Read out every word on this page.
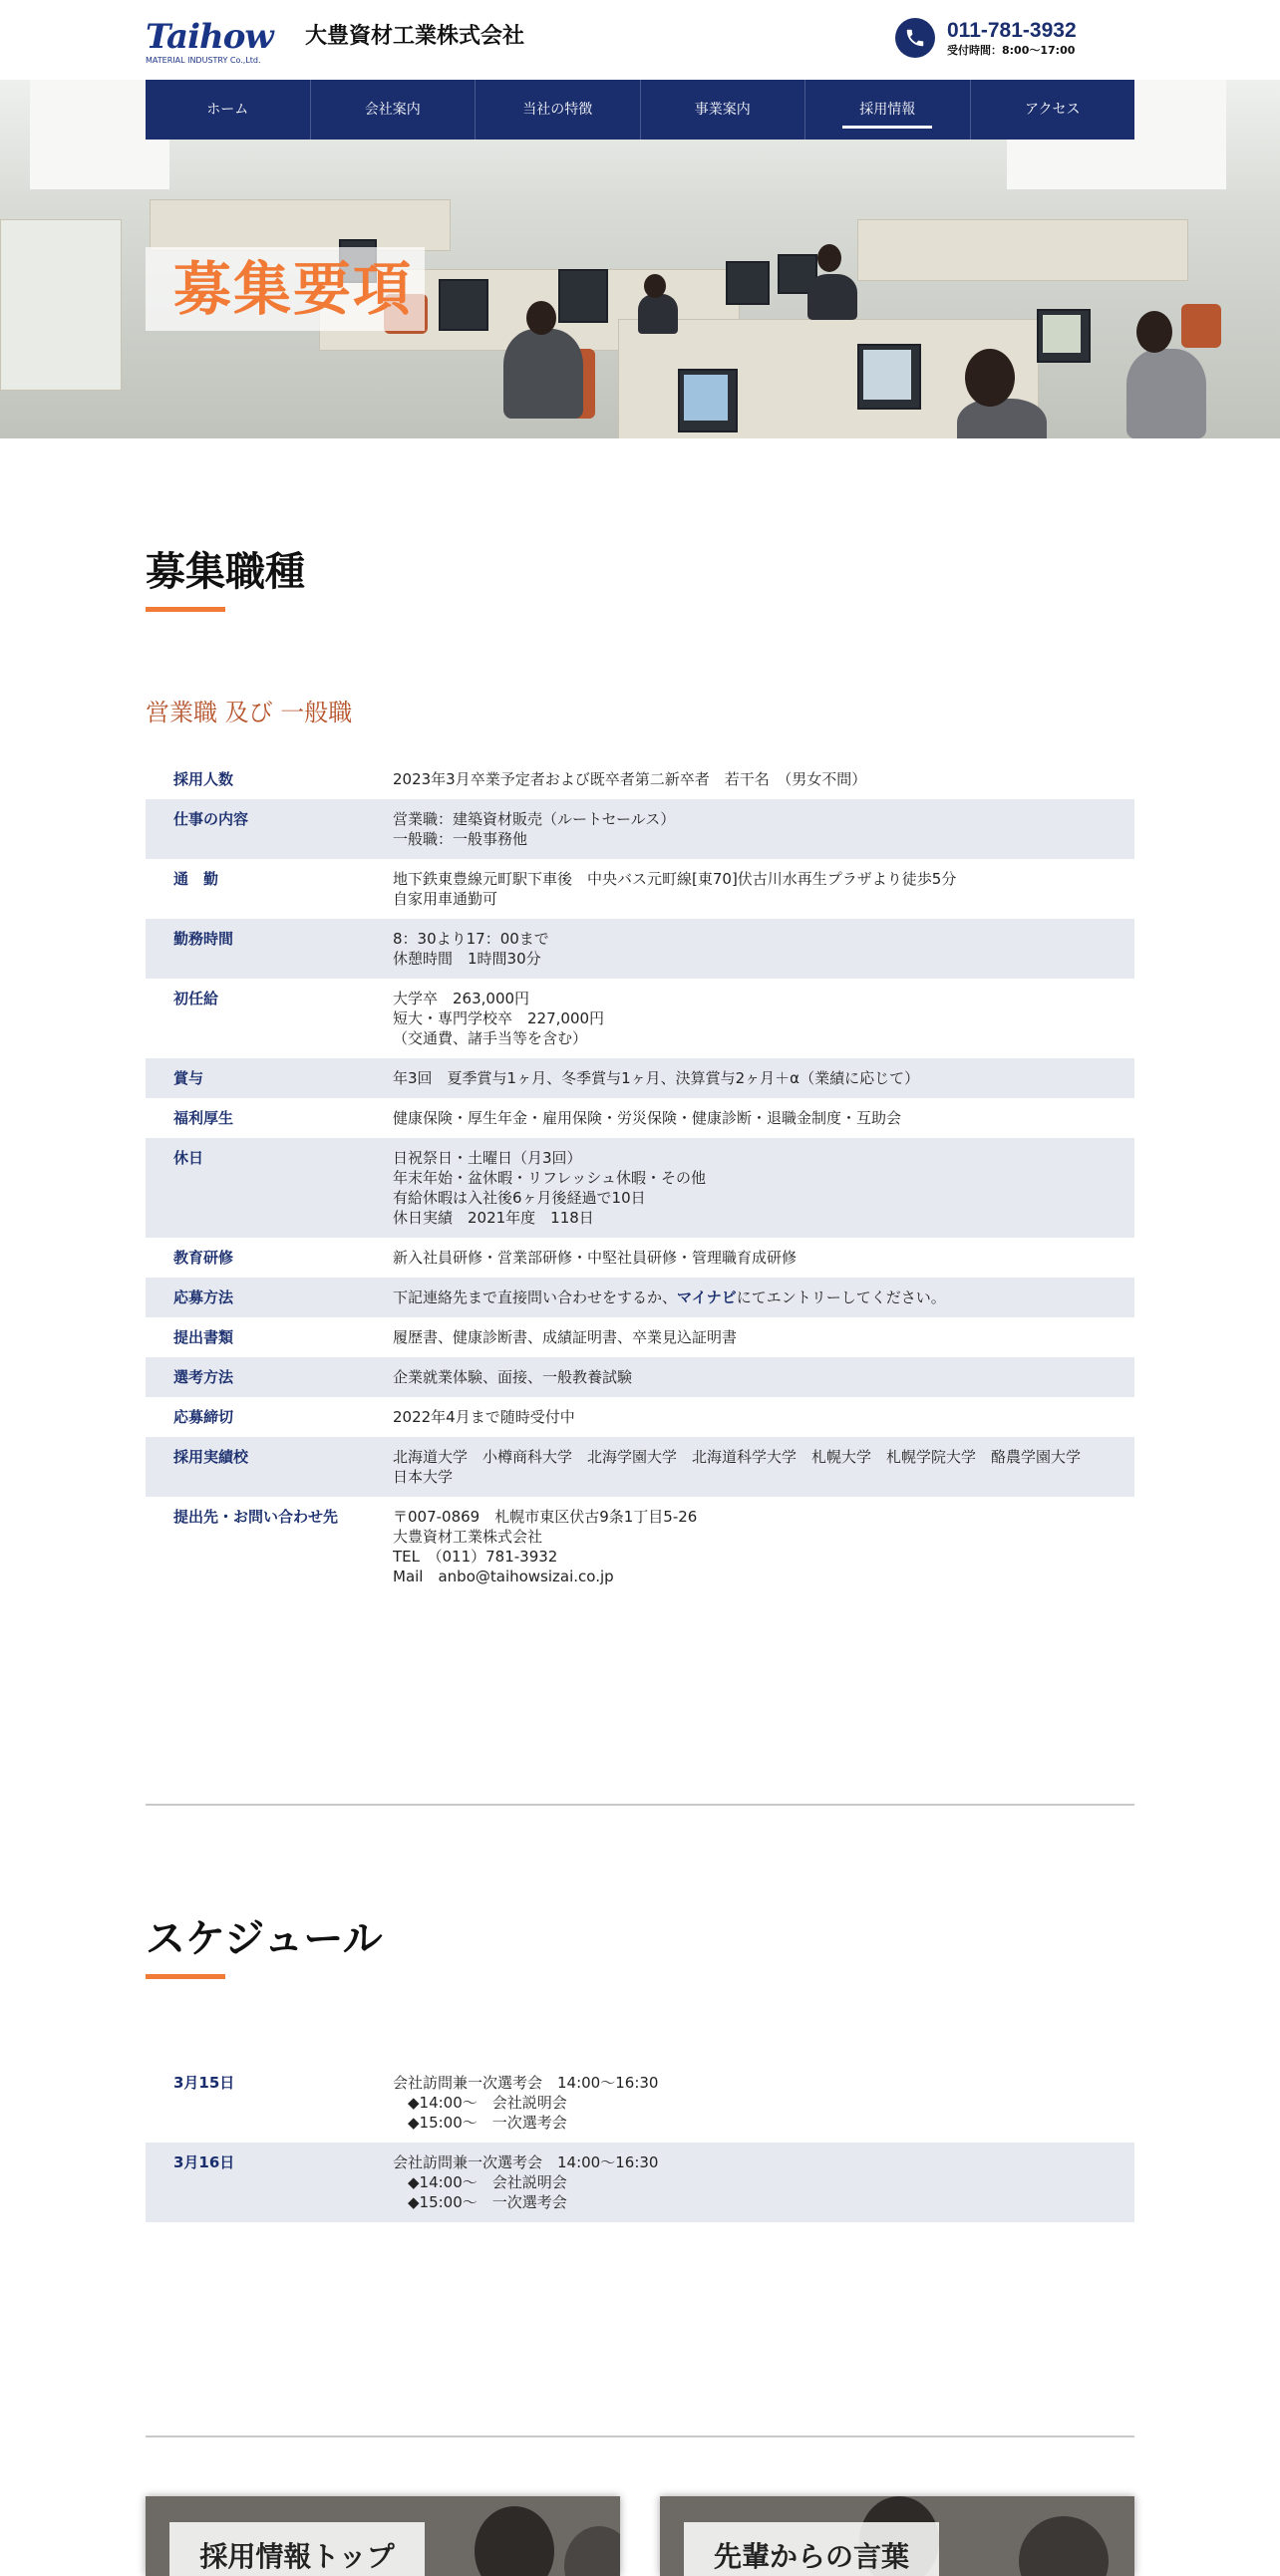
Taihow
MATERIAL INDUSTRY Co.,Ltd.
大豊資材工業株式会社	011-781-3932
受付時間：8:00～17:00
募集要項
ホーム	会社案内	当社の特徴	事業案内	採用情報	アクセス
募集職種
営業職 及び 一般職
採用人数	2023年3月卒業予定者および既卒者第二新卒者　若干名　（男女不問）
仕事の内容	営業職：建築資材販売（ルートセールス）
一般職：一般事務他
通　勤	地下鉄東豊線元町駅下車後　中央バス元町線[東70]伏古川水再生プラザより徒歩5分
自家用車通勤可
勤務時間	8：30より17：00まで
休憩時間　1時間30分
初任給	大学卒　263,000円
短大・専門学校卒　227,000円
（交通費、諸手当等を含む）
賞与	年3回　夏季賞与1ヶ月、冬季賞与1ヶ月、決算賞与2ヶ月＋α（業績に応じて）
福利厚生	健康保険・厚生年金・雇用保険・労災保険・健康診断・退職金制度・互助会
休日	日祝祭日・土曜日（月3回）
年末年始・盆休暇・リフレッシュ休暇・その他
有給休暇は入社後6ヶ月後経過で10日
休日実績　2021年度　118日
教育研修	新入社員研修・営業部研修・中堅社員研修・管理職育成研修
応募方法	下記連絡先まで直接問い合わせをするか、マイナビにてエントリーしてください。
提出書類	履歴書、健康診断書、成績証明書、卒業見込証明書
選考方法	企業就業体験、面接、一般教養試験
応募締切	2022年4月まで随時受付中
採用実績校	北海道大学　小樽商科大学　北海学園大学　北海道科学大学　札幌大学　札幌学院大学　酪農学園大学　日本大学
提出先・お問い合わせ先	〒007-0869　札幌市東区伏古9条1丁目5-26
大豊資材工業株式会社
TEL　（011）781-3932
Mail　anbo@taihowsizai.co.jp
スケジュール
3月15日	会社訪問兼一次選考会　14:00～16:30
　◆14:00～　会社説明会
　◆15:00～　一次選考会
3月16日	会社訪問兼一次選考会　14:00～16:30
　◆14:00～　会社説明会
　◆15:00～　一次選考会
採用情報トップ	先輩からの言葉
